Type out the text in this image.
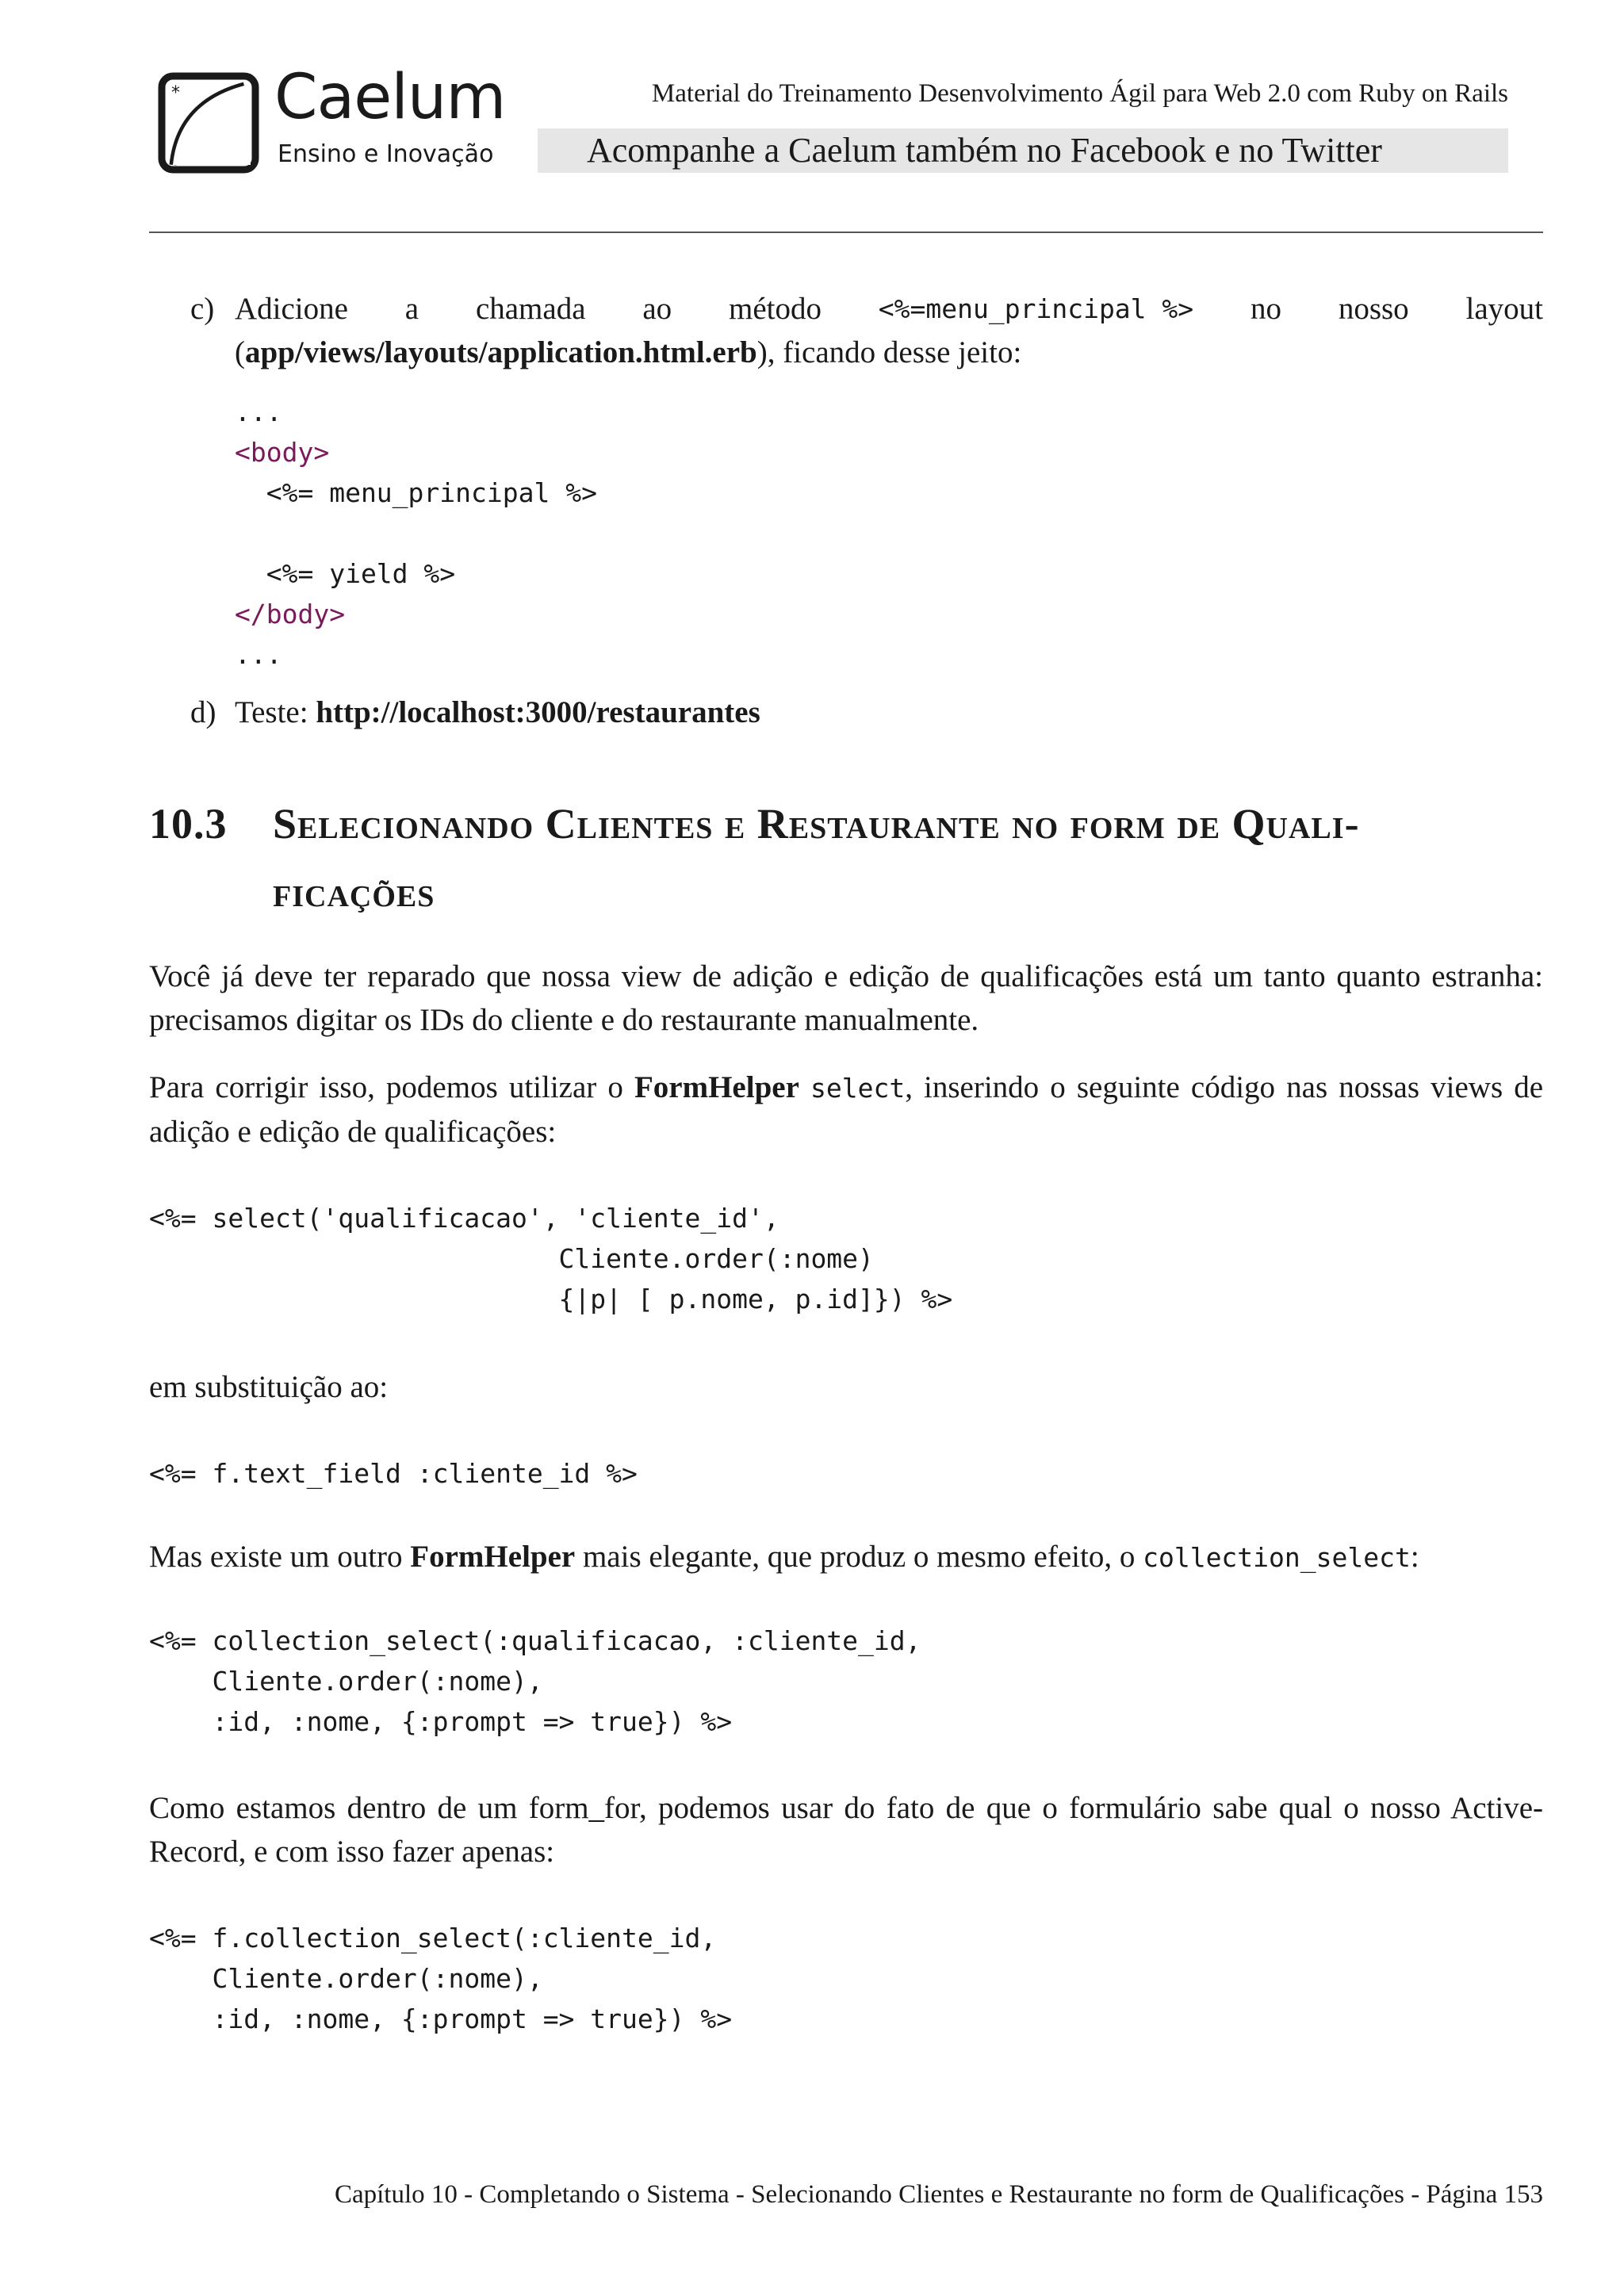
* Caelum
Ensino e Inovação
Material do Treinamento Desenvolvimento Ágil para Web 2.0 com Ruby on Rails
Acompanhe a Caelum também no Facebook e no Twitter
c) Adicione a chamada ao método <%=menu_principal %> no nosso layout
(app/views/layouts/application.html.erb), ficando desse jeito:
...
<body>
<%= menu_principal %>

<%= yield %>
</body>
...
d) Teste: http://localhost:3000/restaurantes
10.3 Selecionando Clientes e Restaurante no form de Quali-
ficações

Você já deve ter reparado que nossa view de adição e edição de qualificações está um tanto quanto estranha: precisamos digitar os IDs do cliente e do restaurante manualmente.

Para corrigir isso, podemos utilizar o FormHelper select, inserindo o seguinte código nas nossas views de adição e edição de qualificações:

<%= select('qualificacao', 'cliente_id',
Cliente.order(:nome)
{|p| [ p.nome, p.id]}) %>

em substituição ao:

<%= f.text_field :cliente_id %>

Mas existe um outro FormHelper mais elegante, que produz o mesmo efeito, o collection_select:

<%= collection_select(:qualificacao, :cliente_id,
Cliente.order(:nome),
:id, :nome, {:prompt => true}) %>

Como estamos dentro de um form_for, podemos usar do fato de que o formulário sabe qual o nosso Active-Record, e com isso fazer apenas:

<%= f.collection_select(:cliente_id,
Cliente.order(:nome),
:id, :nome, {:prompt => true}) %>
Capítulo 10 - Completando o Sistema - Selecionando Clientes e Restaurante no form de Qualificações - Página 153
